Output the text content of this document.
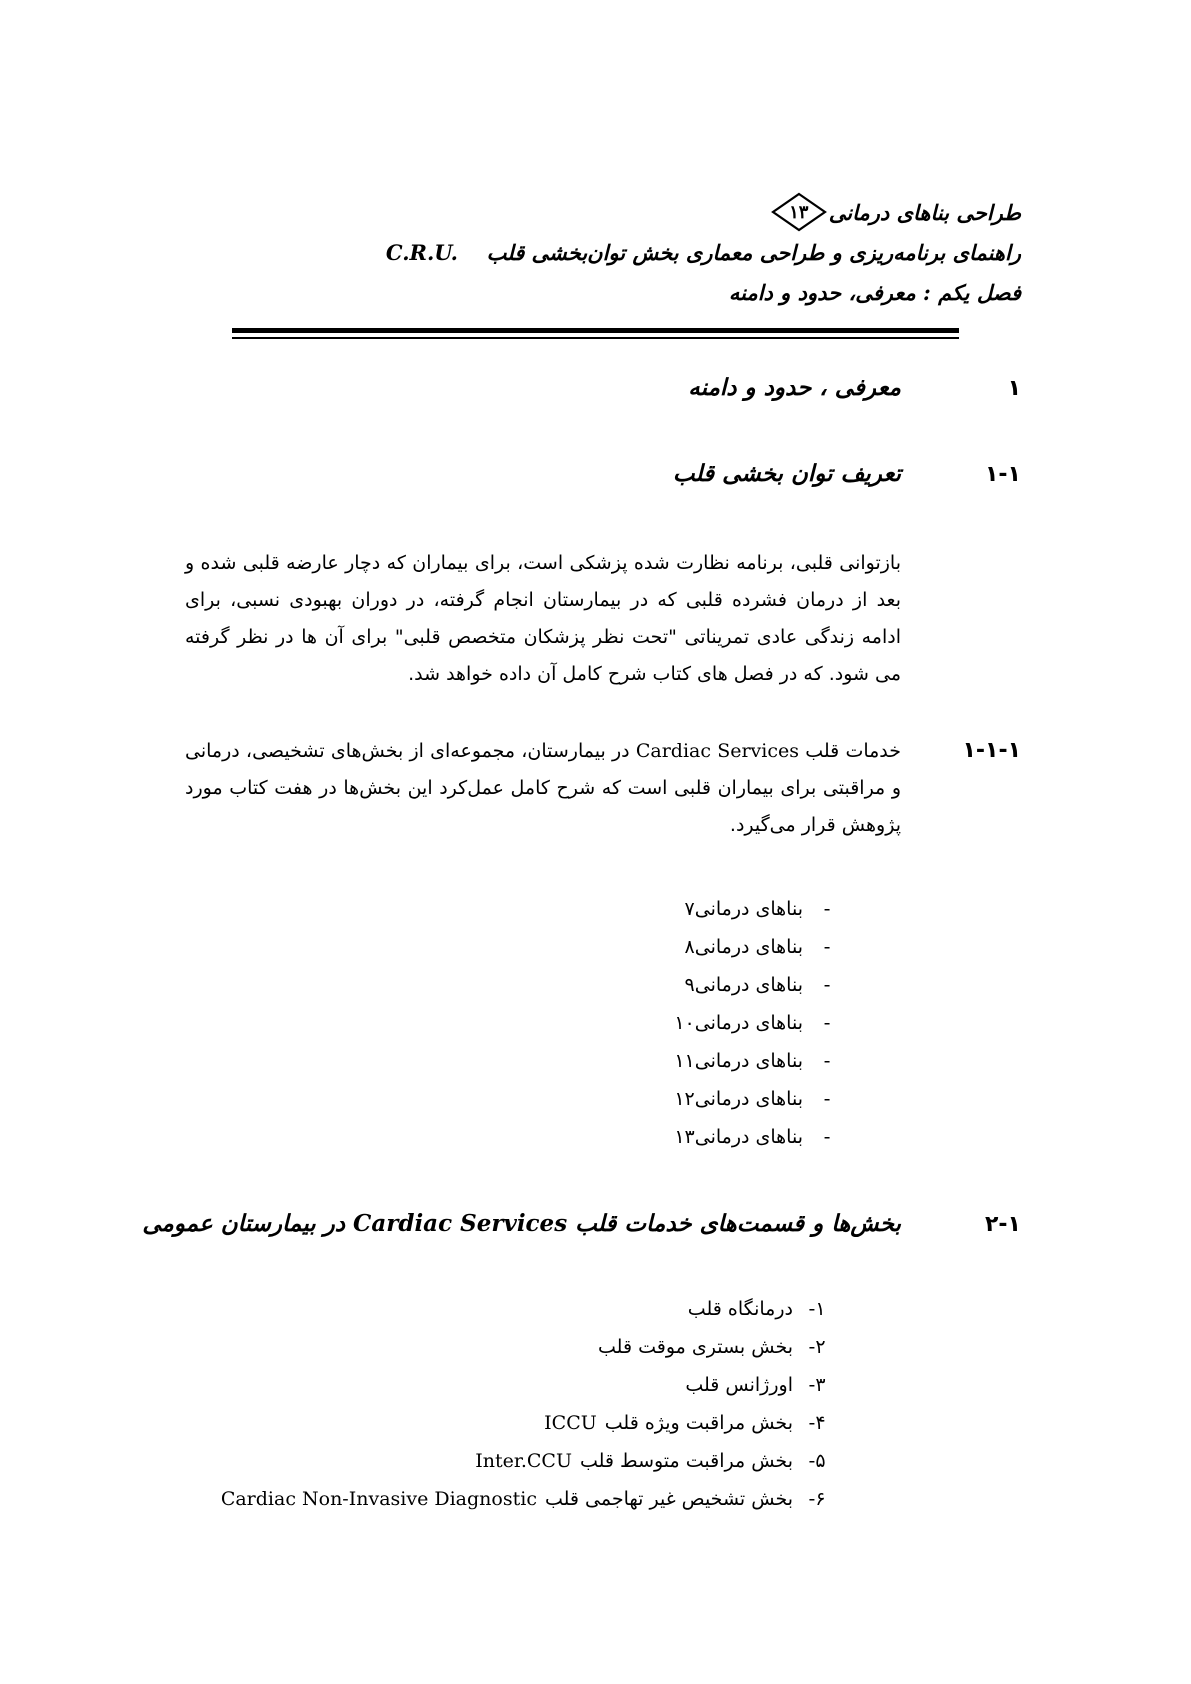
طراحی بناهای درمانی
۱۳
راهنمای برنامه‌ریزی و طراحی معماری بخش توان‌بخشی قلب  C.R.U.
فصل یکم : معرفی، حدود و دامنه
۱
معرفی ، حدود و دامنه
۱-۱
تعریف توان بخشی قلب
بازتوانی قلبی، برنامه نظارت شده پزشکی است، برای بیماران که دچار عارضه قلبی شده و بعد از درمان فشرده قلبی که در بیمارستان انجام گرفته، در دوران بهبودی نسبی، برای ادامه زندگی عادی تمریناتی "تحت نظر پزشکان متخصص قلبی" برای آن ها در نظر گرفته می شود. که در فصل های کتاب شرح کامل آن داده خواهد شد.
۱-۱-۱
خدمات قلب Cardiac Services در بیمارستان، مجموعه‌ای از بخش‌های تشخیصی، درمانی و مراقبتی برای بیماران قلبی است که شرح کامل عمل‌کرد این بخش‌ها در هفت کتاب مورد پژوهش قرار می‌گیرد.
-
بناهای درمانی
۷
-
بناهای درمانی
۸
-
بناهای درمانی
۹
-
بناهای درمانی
۱۰
-
بناهای درمانی
۱۱
-
بناهای درمانی
۱۲
-
بناهای درمانی
۱۳
۲-۱
بخش‌ها و قسمت‌های خدمات قلب Cardiac Services در بیمارستان عمومی
۱-
درمانگاه قلب
۲-
بخش بستری موقت قلب
۳-
اورژانس قلب
۴-
بخش مراقبت ویژه قلب
ICCU
۵-
بخش مراقبت متوسط قلب
Inter.CCU
۶-
بخش تشخیص غیر تهاجمی قلب
Cardiac Non-Invasive Diagnostic
